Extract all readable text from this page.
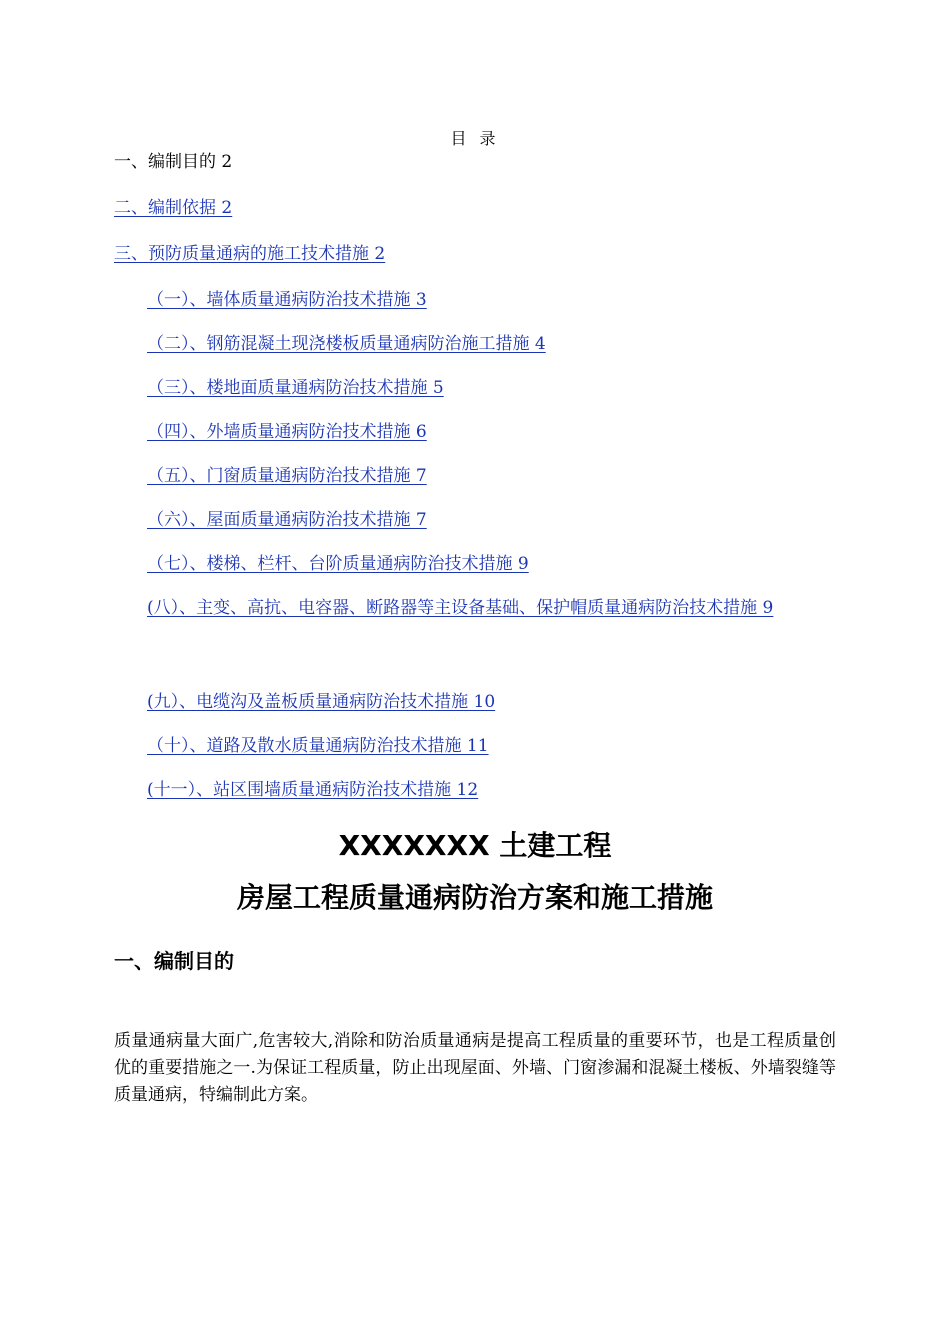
目 录
一、编制目的 2
二、编制依据 2
三、预防质量通病的施工技术措施 2
（一）、墙体质量通病防治技术措施 3
（二）、钢筋混凝土现浇楼板质量通病防治施工措施 4
（三）、楼地面质量通病防治技术措施 5
（四）、外墙质量通病防治技术措施 6
（五）、门窗质量通病防治技术措施 7
（六）、屋面质量通病防治技术措施 7
（七）、楼梯、栏杆、台阶质量通病防治技术措施 9
(八）、主变、高抗、电容器、断路器等主设备基础、保护帽质量通病防治技术措施 9
(九）、电缆沟及盖板质量通病防治技术措施 10
（十）、道路及散水质量通病防治技术措施 11
(十一）、站区围墙质量通病防治技术措施 12
XXXXXXX 土建工程
房屋工程质量通病防治方案和施工措施
一、编制目的
质量通病量大面广,危害较大,消除和防治质量通病是提高工程质量的重要环节，也是工程质量创优的重要措施之一.为保证工程质量，防止出现屋面、外墙、门窗渗漏和混凝土楼板、外墙裂缝等质量通病，特编制此方案。
